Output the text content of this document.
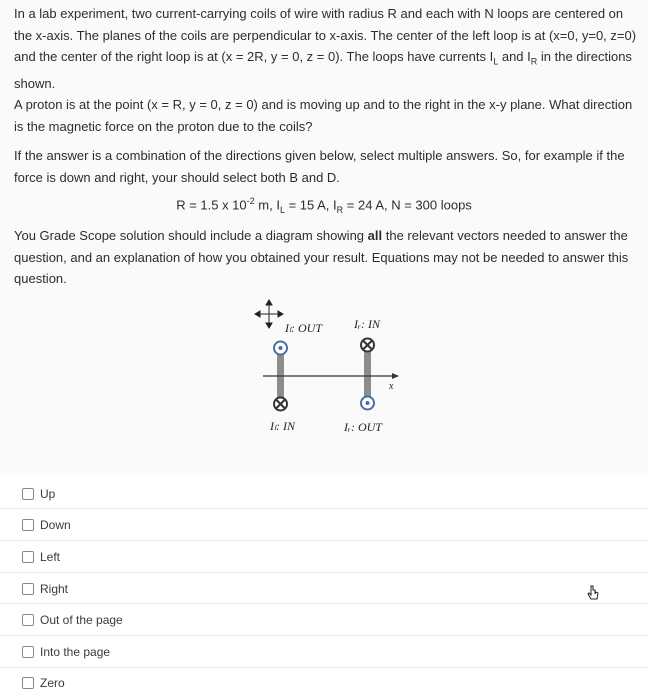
In a lab experiment, two current-carrying coils of wire with radius R and each with N loops are centered on the x-axis. The planes of the coils are perpendicular to x-axis. The center of the left loop is at (x=0, y=0, z=0) and the center of the right loop is at (x = 2R, y = 0, z = 0). The loops have currents $I_L$ and $I_R$ in the directions shown.

A proton is at the point (x = R, y = 0, z = 0) and is moving up and to the right in the x-y plane. What direction is the magnetic force on the proton due to the coils?

If the answer is a combination of the directions given below, select multiple answers. So, for example if the force is down and right, your should select both B and D.

R = 1.5 x $10^{-2}$ m, $I_L = 15$ A, $I_R = 24$ A, N = 300 loops

You Grade Scope solution should include a diagram showing all the relevant vectors needed to answer the question, and an explanation of how you obtained your result. Equations may not be needed to answer this question.

x
Iₗ: OUT	Iᵣ: IN
Iₗ: IN	Iᵣ: OUT
Up
Down
Left
Right
Out of the page
Into the page
Zero
